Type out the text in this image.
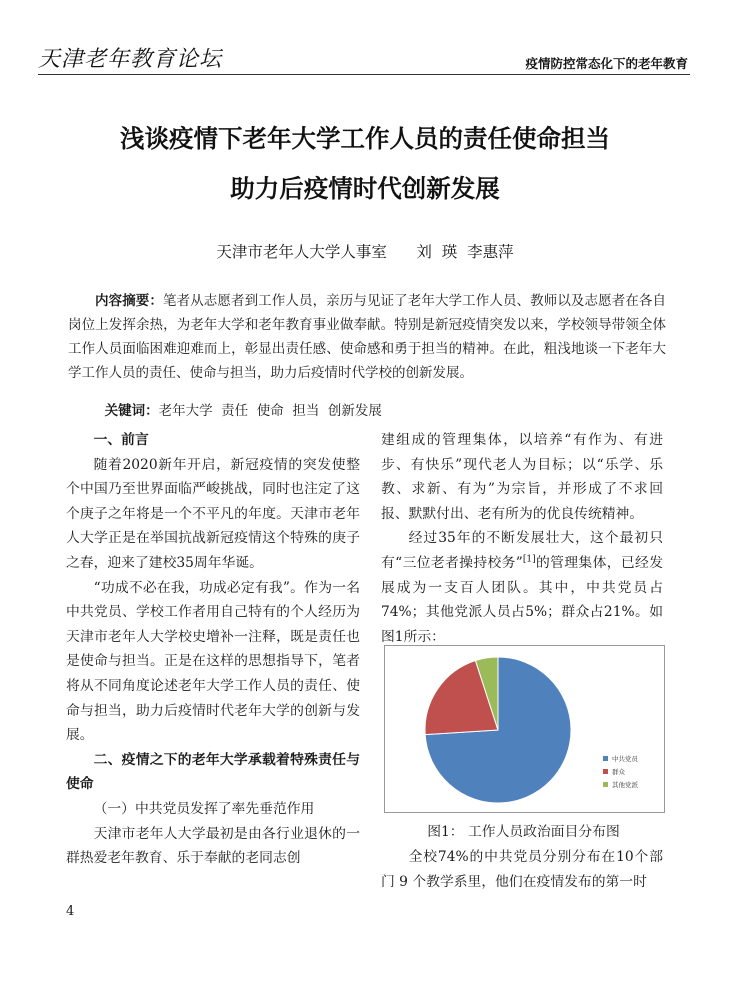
天津老年教育论坛	疫情防控常态化下的老年教育
浅谈疫情下老年大学工作人员的责任使命担当
助力后疫情时代创新发展
天津市老年人大学人事室      刘  瑛  李惠萍
内容摘要：笔者从志愿者到工作人员，亲历与见证了老年大学工作人员、教师以及志愿者在各自岗位上发挥余热，为老年大学和老年教育事业做奉献。特别是新冠疫情突发以来，学校领导带领全体工作人员面临困难迎难而上，彰显出责任感、使命感和勇于担当的精神。在此，粗浅地谈一下老年大学工作人员的责任、使命与担当，助力后疫情时代学校的创新发展。

关键词：老年大学  责任  使命  担当  创新发展

一、前言

随着2020新年开启，新冠疫情的突发使整个中国乃至世界面临严峻挑战，同时也注定了这个庚子之年将是一个不平凡的年度。天津市老年人大学正是在举国抗战新冠疫情这个特殊的庚子之春，迎来了建校35周年华诞。

“功成不必在我，功成必定有我”。作为一名中共党员、学校工作者用自己特有的个人经历为天津市老年人大学校史增补一注释，既是责任也是使命与担当。正是在这样的思想指导下，笔者将从不同角度论述老年大学工作人员的责任、使命与担当，助力后疫情时代老年大学的创新与发展。

二、疫情之下的老年大学承载着特殊责任与使命

（一）中共党员发挥了率先垂范作用

天津市老年人大学最初是由各行业退休的一群热爱老年教育、乐于奉献的老同志创

建组成的管理集体，以培养“有作为、有进步、有快乐”现代老人为目标；以“乐学、乐教、求新、有为”为宗旨，并形成了不求回报、默默付出、老有所为的优良传统精神。

经过35年的不断发展壮大，这个最初只有“三位老者操持校务”[1]的管理集体，已经发展成为一支百人团队。其中，中共党员占74%；其他党派人员占5%；群众占21%。如图1所示：

中共党员
群众
其他党派
图1： 工作人员政治面目分布图

全校74%的中共党员分别分布在10个部门 9 个教学系里，他们在疫情发布的第一时

4
